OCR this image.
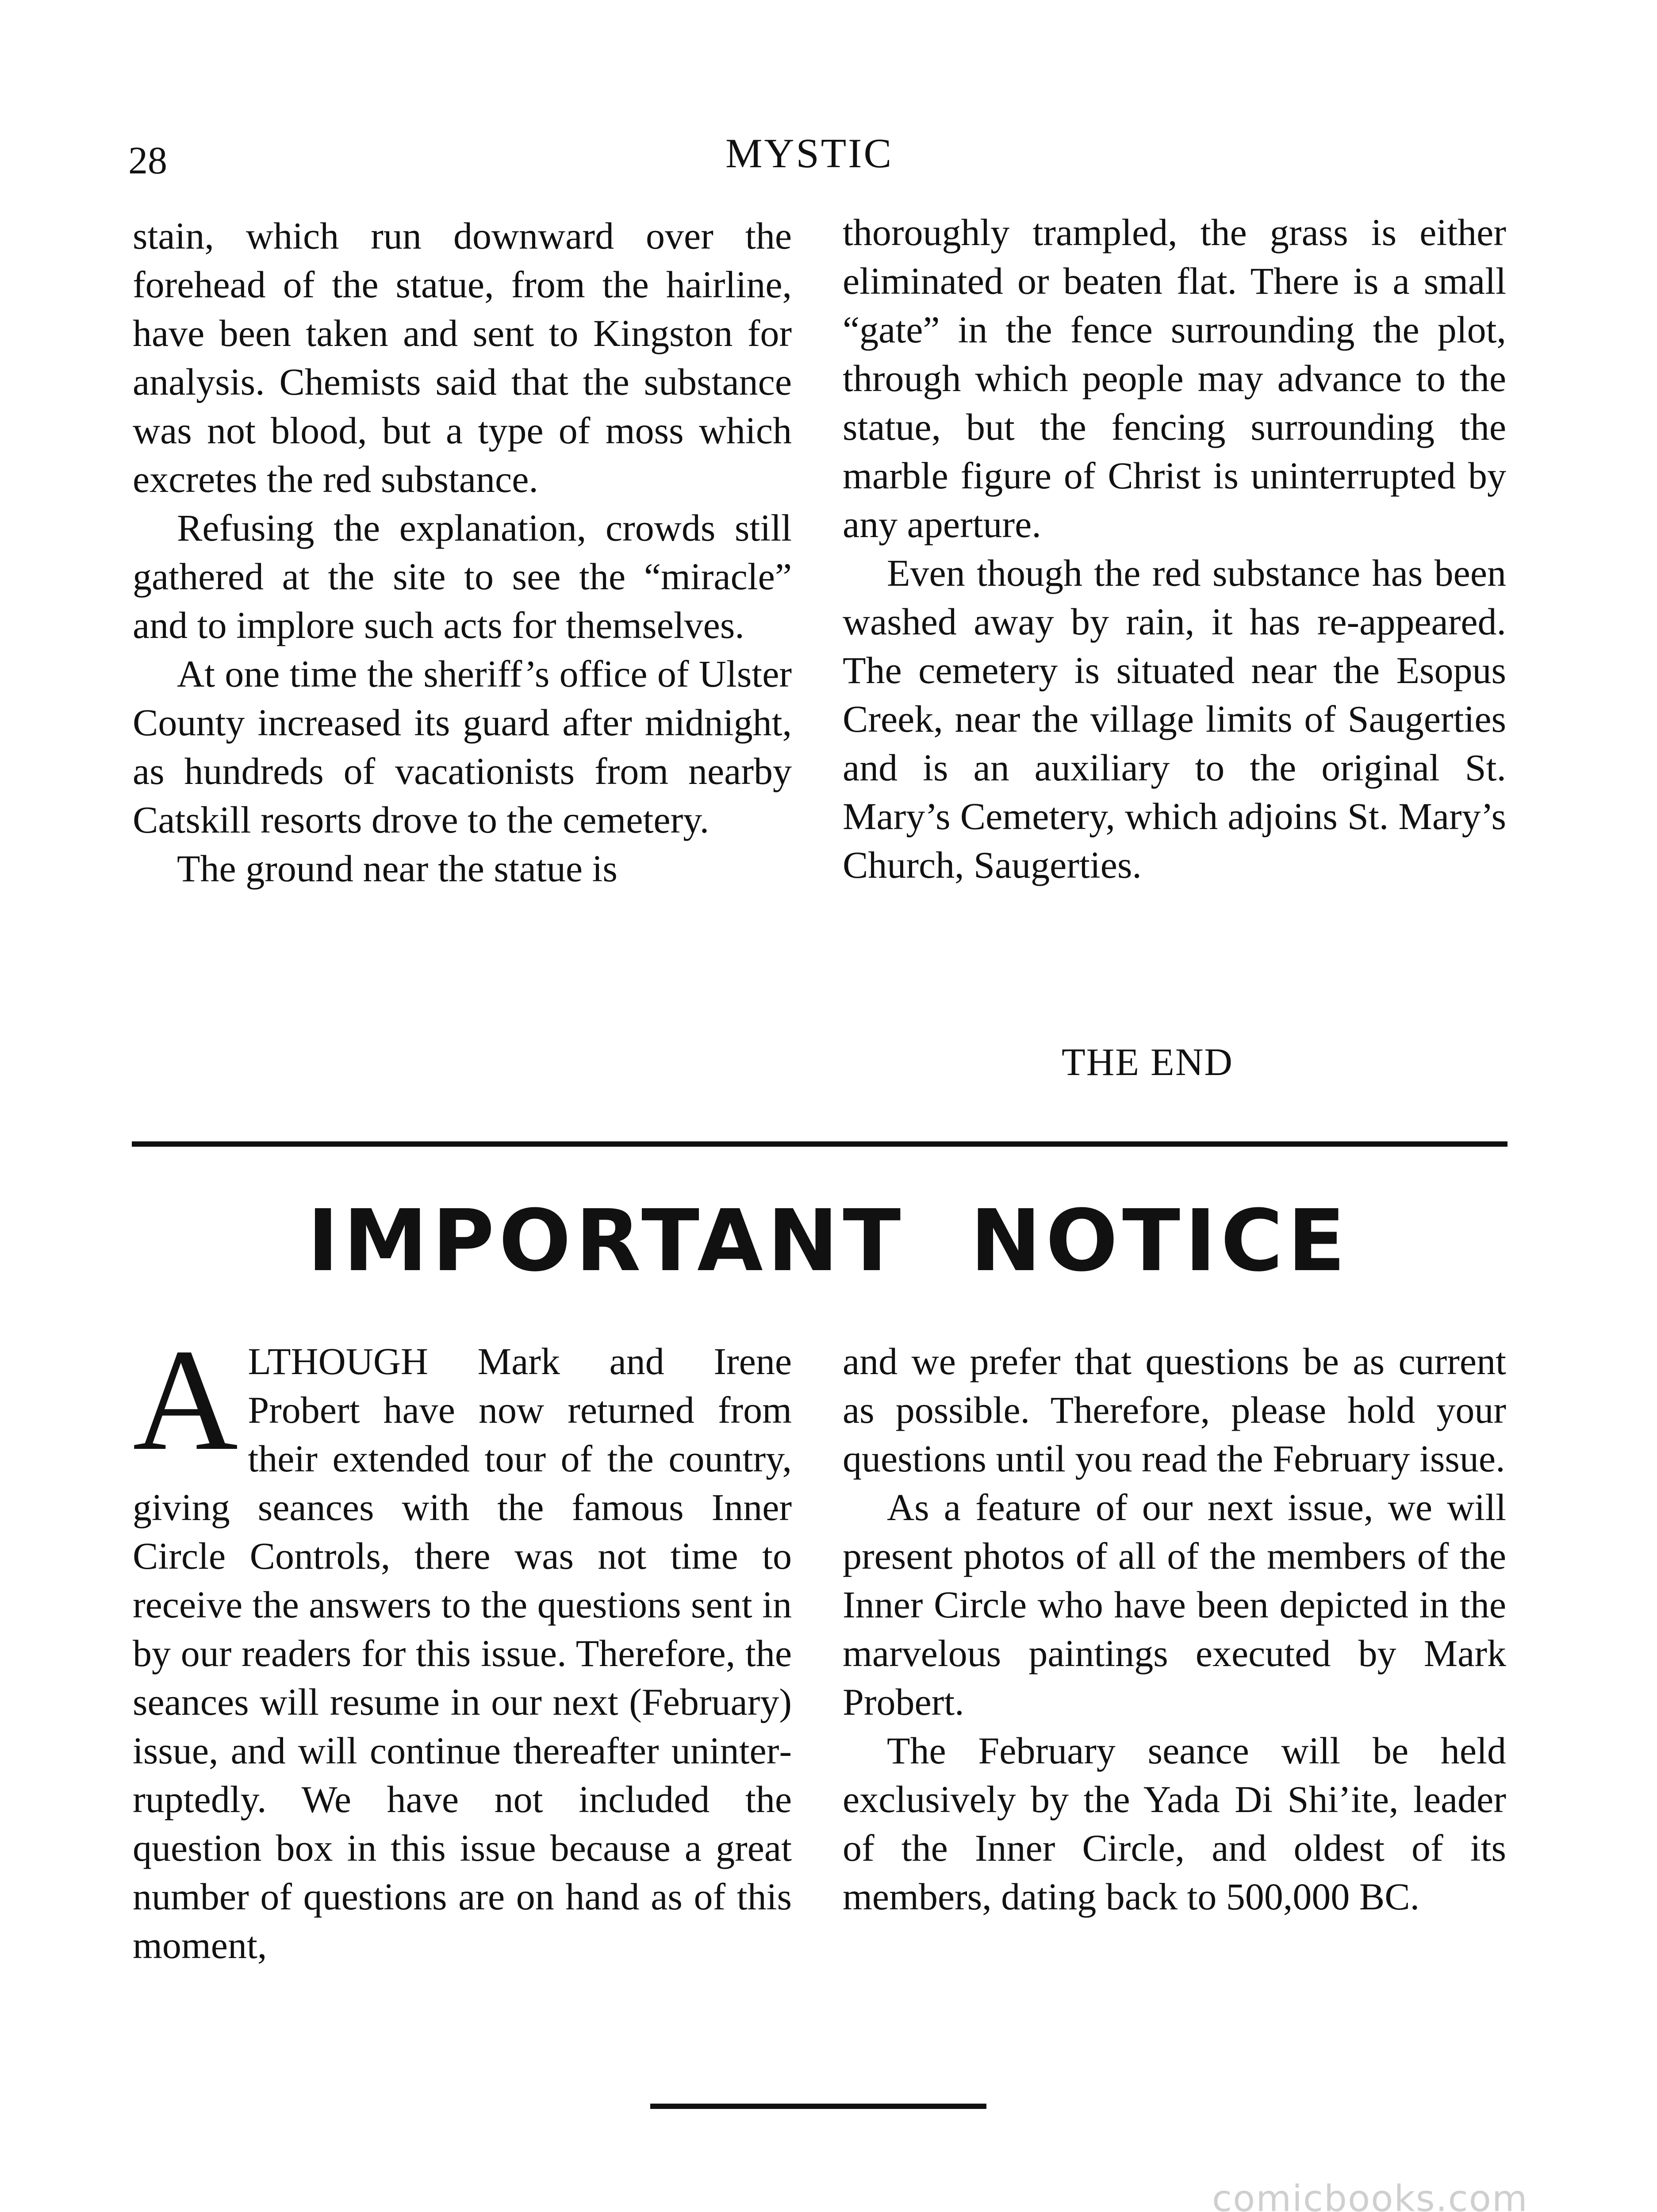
28	MYSTIC

stain, which run downward over the forehead of the statue, from the hairline, have been taken and sent to Kingston for analysis. Chemists said that the substance was not blood, but a type of moss which excretes the red substance.

Refusing the explanation, crowds still gathered at the site to see the “miracle” and to implore such acts for themselves.

At one time the sheriff’s office of Ulster County increased its guard after midnight, as hundreds of vacationists from nearby Catskill resorts drove to the cemetery.

The ground near the statue is

thoroughly trampled, the grass is either eliminated or beaten flat. There is a small “gate” in the fence surrounding the plot, through which people may advance to the statue, but the fencing surrounding the marble figure of Christ is uninterrupted by any aperture.

Even though the red substance has been washed away by rain, it has re-appeared. The cemetery is situated near the Esopus Creek, near the village limits of Saugerties and is an auxiliary to the original St. Mary’s Cemetery, which adjoins St. Mary’s Church, Saugerties.

THE END
IMPORTANT NOTICE

ALTHOUGH Mark and Irene Probert have now returned from their extended tour of the country, giving seances with the famous Inner Circle Controls, there was not time to receive the answers to the questions sent in by our readers for this issue. Therefore, the seances will resume in our next (February) issue, and will continue thereafter uninterruptedly. We have not included the question box in this issue because a great number of questions are on hand as of this moment,

and we prefer that questions be as current as possible. Therefore, please hold your questions until you read the February issue.

As a feature of our next issue, we will present photos of all of the members of the Inner Circle who have been depicted in the marvelous paintings executed by Mark Probert.

The February seance will be held exclusively by the Yada Di Shi’ite, leader of the Inner Circle, and oldest of its members, dating back to 500,000 BC.

comicbooks.com
